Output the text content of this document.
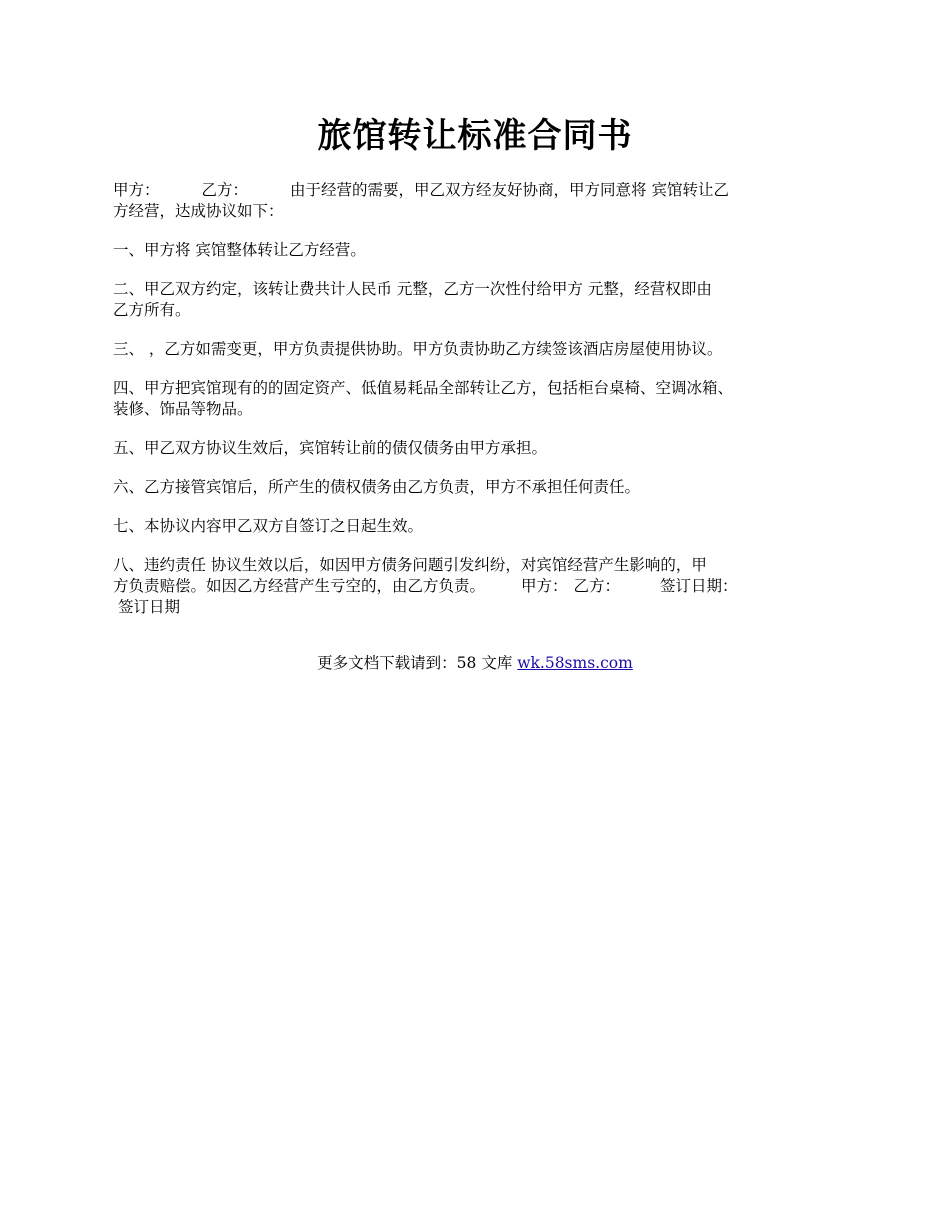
旅馆转让标准合同书

甲方：	乙方：	由于经营的需要，甲乙双方经友好协商，甲方同意将 宾馆转让乙
方经营，达成协议如下：

一、甲方将 宾馆整体转让乙方经营。

二、甲乙双方约定，该转让费共计人民币 元整，乙方一次性付给甲方 元整，经营权即由
乙方所有。

三、 ，乙方如需变更，甲方负责提供协助。甲方负责协助乙方续签该酒店房屋使用协议。

四、甲方把宾馆现有的的固定资产、低值易耗品全部转让乙方，包括柜台桌椅、空调冰箱、
装修、饰品等物品。

五、甲乙双方协议生效后，宾馆转让前的债仅债务由甲方承担。

六、乙方接管宾馆后，所产生的债权债务由乙方负责，甲方不承担任何责任。

七、本协议内容甲乙双方自签订之日起生效。

八、违约责任 协议生效以后，如因甲方债务问题引发纠纷，对宾馆经营产生影响的，甲
方负责赔偿。如因乙方经营产生亏空的，由乙方负责。 甲方： 乙方：	签订日期：
签订日期

更多文档下载请到：58 文库 wk.58sms.com
